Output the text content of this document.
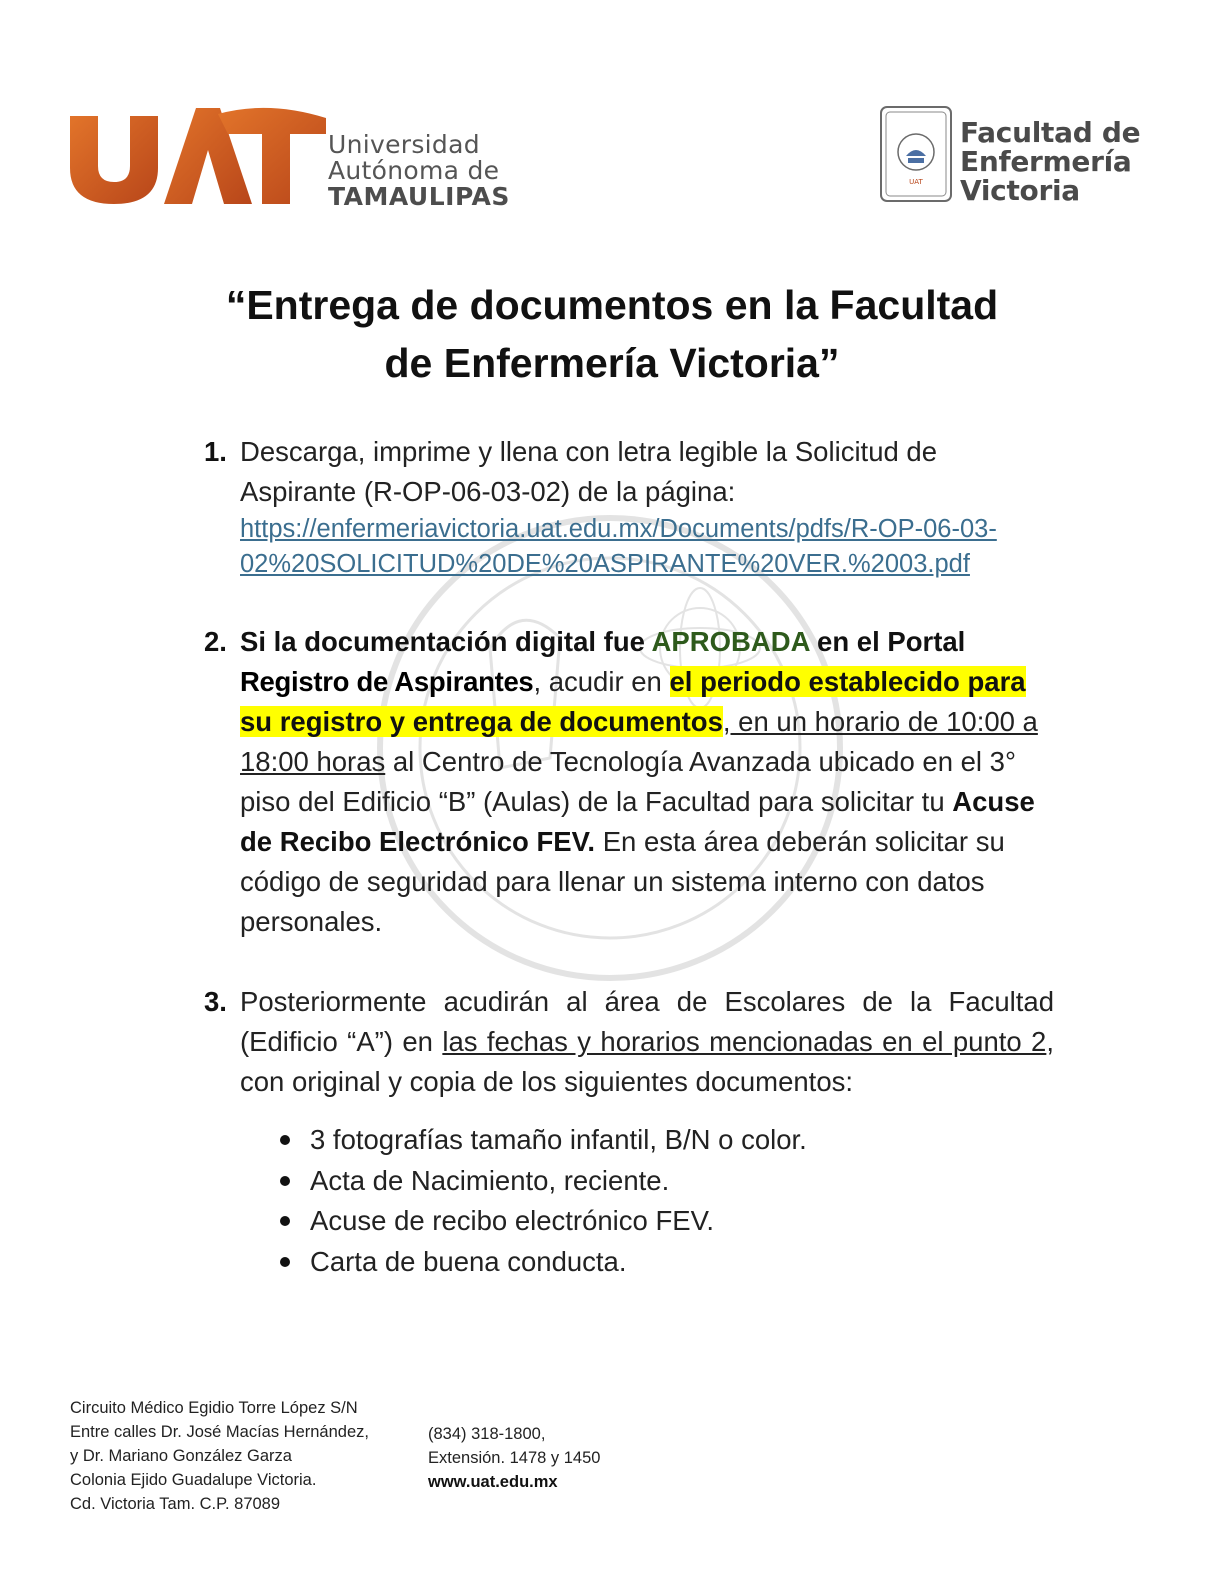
Universidad
Autónoma de
TAMAULIPAS	UAT
Facultad de
Enfermería
Victoria
“Entrega de documentos en la Facultad
de Enfermería Victoria”
1. Descarga, imprime y llena con letra legible la Solicitud de Aspirante (R-OP-06-03-02) de la página:
https://enfermeriavictoria.uat.edu.mx/Documents/pdfs/R-OP-06-03-
02%20SOLICITUD%20DE%20ASPIRANTE%20VER.%2003.pdf
2. Si la documentación digital fue APROBADA en el Portal
Registro de Aspirantes, acudir en el periodo establecido para su registro y entrega de documentos, en un horario de 10:00 a 18:00 horas al Centro de Tecnología Avanzada ubicado en el 3° piso del Edificio “B” (Aulas) de la Facultad para solicitar tu Acuse de Recibo Electrónico FEV. En esta área deberán solicitar su código de seguridad para llenar un sistema interno con datos personales.
3. Posteriormente acudirán al área de Escolares de la Facultad (Edificio “A”) en las fechas y horarios mencionadas en el punto 2, con original y copia de los siguientes documentos:
3 fotografías tamaño infantil, B/N o color.
Acta de Nacimiento, reciente.
Acuse de recibo electrónico FEV.
Carta de buena conducta.
Circuito Médico Egidio Torre López S/N
Entre calles Dr. José Macías Hernández,
y Dr. Mariano González Garza
Colonia Ejido Guadalupe Victoria.
Cd. Victoria Tam. C.P. 87089
(834) 318-1800,
Extensión. 1478 y 1450
www.uat.edu.mx
